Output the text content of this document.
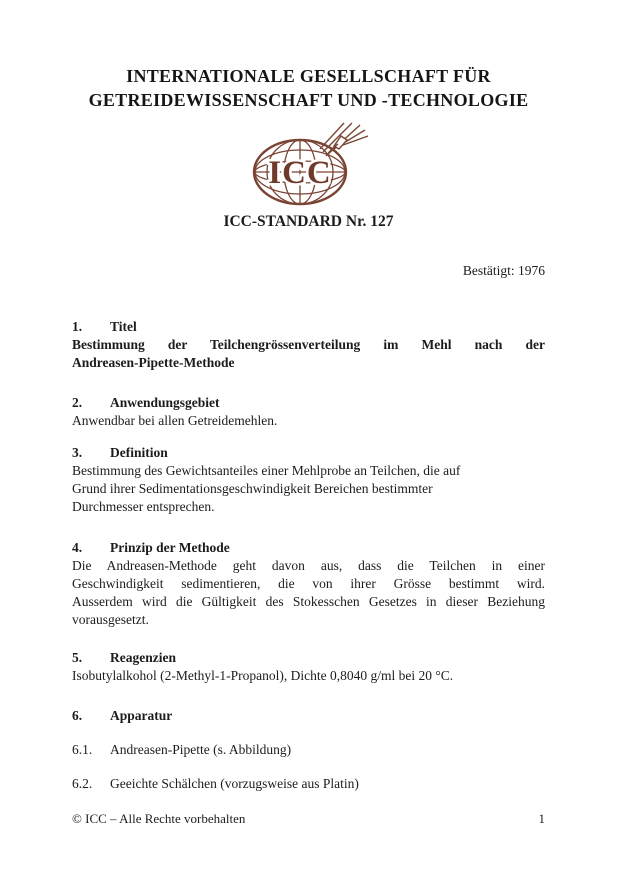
INTERNATIONALE GESELLSCHAFT FÜR
GETREIDEWISSENSCHAFT UND -TECHNOLOGIE
ICC
ICC-STANDARD Nr. 127
Bestätigt: 1976
1.	Titel
Bestimmung der Teilchengrössenverteilung im Mehl nach der
Andreasen-Pipette-Methode
2.	Anwendungsgebiet
Anwendbar bei allen Getreidemehlen.
3.	Definition
Bestimmung des Gewichtsanteiles einer Mehlprobe an Teilchen, die auf
Grund ihrer Sedimentationsgeschwindigkeit Bereichen bestimmter
Durchmesser entsprechen.
4.	Prinzip der Methode
Die Andreasen-Methode geht davon aus, dass die Teilchen in einer
Geschwindigkeit sedimentieren, die von ihrer Grösse bestimmt wird.
Ausserdem wird die Gültigkeit des Stokesschen Gesetzes in dieser Beziehung
vorausgesetzt.
5.	Reagenzien
Isobutylalkohol (2-Methyl-1-Propanol), Dichte 0,8040 g/ml bei 20 °C.
6.	Apparatur
6.1.	Andreasen-Pipette (s. Abbildung)
6.2.	Geeichte Schälchen (vorzugsweise aus Platin)
© ICC – Alle Rechte vorbehalten	1
